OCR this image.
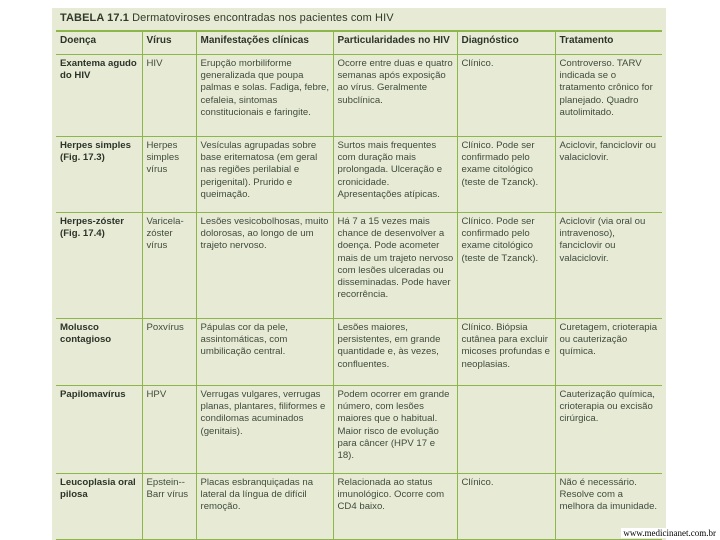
TABELA 17.1 Dermatoviroses encontradas nos pacientes com HIV
Doença	Vírus	Manifestações clínicas	Particularidades no HIV	Diagnóstico	Tratamento
Exantema agudo do HIV	HIV	Erupção morbiliforme generalizada que poupa palmas e solas. Fadiga, febre, cefaleia, sintomas constitucionais e faringite.	Ocorre entre duas e quatro semanas após exposição ao vírus. Geralmente subclínica.	Clínico.	Controverso. TARV indicada se o tratamento crônico for planejado. Quadro autolimitado.
Herpes simples (Fig. 17.3)	Herpes simples vírus	Vesículas agrupadas sobre base eritematosa (em geral nas regiões perilabial e perigenital). Prurido e queimação.	Surtos mais frequentes com duração mais prolongada. Ulceração e cronicidade. Apresentações atípicas.	Clínico. Pode ser confirmado pelo exame citológico (teste de Tzanck).	Aciclovir, fanciclovir ou valaciclovir.
Herpes-zóster (Fig. 17.4)	Varicela-zóster vírus	Lesões vesicobolhosas, muito dolorosas, ao longo de um trajeto nervoso.	Há 7 a 15 vezes mais chance de desenvolver a doença. Pode acometer mais de um trajeto nervoso com lesões ulceradas ou disseminadas. Pode haver recorrência.	Clínico. Pode ser confirmado pelo exame citológico (teste de Tzanck).	Aciclovir (via oral ou intravenoso), fanciclovir ou valaciclovir.
Molusco contagioso	Poxvírus	Pápulas cor da pele, assintomáticas, com umbilicação central.	Lesões maiores, persistentes, em grande quantidade e, às vezes, confluentes.	Clínico. Biópsia cutânea para excluir micoses profundas e neoplasias.	Curetagem, crioterapia ou cauterização química.
Papilomavírus	HPV	Verrugas vulgares, verrugas planas, plantares, filiformes e condilomas acuminados (genitais).	Podem ocorrer em grande número, com lesões maiores que o habitual. Maior risco de evolução para câncer (HPV 17 e 18).		Cauterização química, crioterapia ou excisão cirúrgica.
Leucoplasia oral pilosa	Epstein--Barr vírus	Placas esbranquiçadas na lateral da língua de difícil remoção.	Relacionada ao status imunológico. Ocorre com CD4 baixo.	Clínico.	Não é necessário. Resolve com a melhora da imunidade.
www.medicinanet.com.br
